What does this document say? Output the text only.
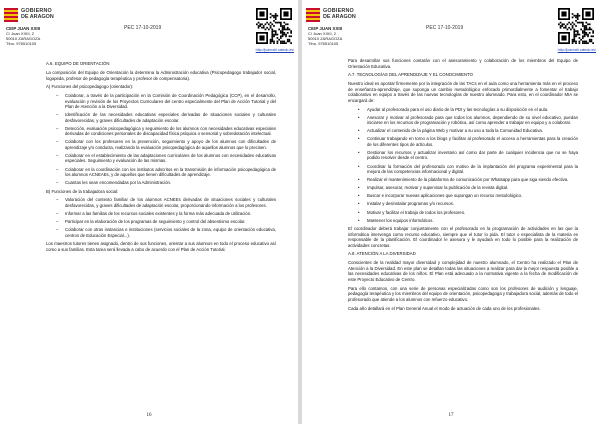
GOBIERNO
DE ARAGON
CEIP JUAN XXIII
C/ Juan XXIII, 2
50010 ZARAGOZA
Tfno. 976510105
PEC 17-10-2019
http://juanxxiii.catedu.es/

A.6. EQUIPO DE ORIENTACIÓN

La composición del Equipo de Orientación la determina la Administración educativa (Psicopedagogo trabajador social, logopeda, profesor de pedagogía terapéutica y profesor de compensatoria).

A) Funciones del psicopedagogo (orientador):

– Colaborar, a través de la participación en la Comisión de Coordinación Pedagógica (CCP), en el desarrollo, evaluación y revisión de los Proyectos Curriculares del centro especialmente del Plan de Acción Tutorial y del Plan de Atención a la Diversidad.
– Identificación de las necesidades educativas especiales derivadas de situaciones sociales y culturales desfavorecidas, y graves dificultades de adaptación escolar.
– Detección, evaluación psicopedagógica y seguimiento de los alumnos con necesidades educativas especiales derivadas de condiciones personales de discapacidad física psíquica o sensorial y sobredotación intelectual.
– Colaborar con los profesores en la prevención, seguimiento y apoyo de los alumnos con dificultades de aprendizaje y/o conducta, realizando la evaluación psicopedagógica de aquellos alumnos que lo precisen.
– Colaborar en el establecimiento de las adaptaciones curriculares de los alumnos con necesidades educativas especiales. Seguimiento y evaluación de las mismas.
– Colaborar en la coordinación con los institutos adscritos en la transmisión de información psicopedagógica de los alumnos ACNEAEs, y de aquellos que tienen dificultades de aprendizaje.
– Cuantas les sean encomendadas por la Administración.

B) Funciones de la trabajadora social:

– Valoración del contexto familiar de los alumnos ACNEEs derivadas de situaciones sociales y culturales desfavorecidas, y graves dificultades de adaptación escolar, proporcionando información a los profesores.
– Informar a las familias de los recursos sociales existentes y la forma más adecuada de utilización.
– Participar en la elaboración de los programas de seguimiento y control del absentismo escolar.
– Colaborar con otras instancias e instituciones (servicios sociales de la zona, equipo de orientación educativa, centros de Educación Especial...).

Los maestros tutores tienen asignado, dentro de sus funciones, orientar a sus alumnos en todo el proceso educativo así como a sus familias. Esta tarea será llevada a cabo de acuerdo con el Plan de Acción Tutorial.

16
GOBIERNO
DE ARAGON
CEIP JUAN XXIII
C/ Juan XXIII, 2
50010 ZARAGOZA
Tfno. 976510105
PEC 17-10-2019
http://juanxxiii.catedu.es/

Para desarrollar sus funciones contarán con el asesoramiento y colaboración de los miembros del Equipo de Orientación Educativa.

A.7. TECNOLOGÍAS DEL APRENDIZAJE Y EL CONOCIMIENTO

Nuestro ideal es apostar firmemente por la integración de las TACs en el aula como una herramienta más en el proceso de enseñanza-aprendizaje, que suponga un cambio metodológico enfocado primordialmente a fomentar el trabajo colaborativo en equipo a través de las nuevas tecnologías de nuestro alumnado. Para esto, en el coordinador MIA se encargará de:

• Ayudar al profesorado para el uso diario de la PDI y las tecnologías a su disposición en el aula.
• Asesorar y motivar al profesorado para que todos los alumnos, dependiendo de su nivel educativo, puedan iniciarse en los recursos de programación y robótica, así como aprender a trabajar en equipo y a colaborar.
• Actualizar el contenido de la página Web y motivar a su uso a toda la Comunidad Educativa.
• Continuar trabajando en torno a los blogs y facilitar al profesorado el acceso a herramientas para la creación de los diferentes tipos de artículos.
• Gestionar los recursos y actualizar inventario así como dar parte de cualquier incidencia que no se haya podido resolver desde el centro.
• Coordinar la formación del profesorado con motivo de la implantación del programa experimental para la mejora de las competencias informacional y digital.
• Realizar el mantenimiento de la plataforma de comunicación por Whatsapp para que siga siendo efectiva.
• Impulsar, asesorar, motivar y supervisar la publicación de la revista digital.
• Buscar e incorporar nuevas aplicaciones que supongan un recurso metodológico.
• Instalar y desinstalar programas y/o recursos.
• Motivar y facilitar el trabajo de todos los profesores.
• Mantener los equipos informáticos.

El coordinador deberá trabajar conjuntamente con el profesorado en la programación de actividades en las que la informática intervenga como recurso educativo, siempre que el tutor lo pida. El tutor o especialista de la materia es responsable de la planificación. El coordinador le asesora y le ayudará en todo lo posible para la realización de actividades concretas.

A.8. ATENCIÓN A LA DIVERSIDAD

Conscientes de la realidad mayor diversidad y complejidad de nuestro alumnado, el Centro ha realizado el Plan de Atención a la Diversidad. En este plan se detallan todas las situaciones a realizar para dar la mejor respuesta posible a las necesidades educativas de los niños. El Plan está adecuado a la normativa vigente a la fecha de modificación de este Proyecto Educativo de Centro.

Para ello contamos, con una serie de personas especializadas como son los profesores de audición y lenguaje, pedagogía terapéutica y los miembros del equipo de orientación, psicopedagoga y trabajadora social, además de todo el profesorado que atiende a los alumnos con refuerzo educativo.

Cada año detallará en el Plan General Anual el modo de actuación de cada uno de los profesionales.

17
